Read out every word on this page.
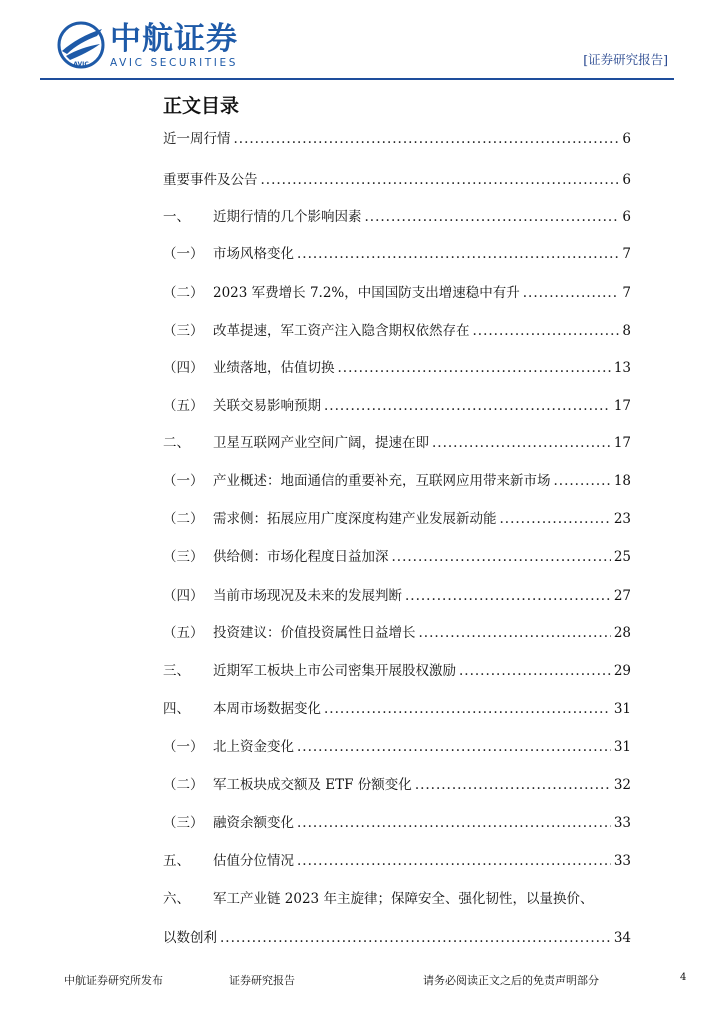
AVIC
中航证券
AVIC SECURITIES	[证券研究报告]
正文目录
近一周行情 .....	6
重要事件及公告 .....	6
一、	近期行情的几个影响因素 .....	6
（一） 市场风格变化 .....	7
（二） 2023 军费增长 7.2%，中国国防支出增速稳中有升 .....	7
（三） 改革提速，军工资产注入隐含期权依然存在 .....	8
（四） 业绩落地，估值切换 .....	13
（五） 关联交易影响预期 .....	17
二、	卫星互联网产业空间广阔，提速在即 .....	17
（一） 产业概述：地面通信的重要补充，互联网应用带来新市场 .....	18
（二） 需求侧：拓展应用广度深度构建产业发展新动能 .....	23
（三） 供给侧：市场化程度日益加深 .....	25
（四） 当前市场现况及未来的发展判断 .....	27
（五） 投资建议：价值投资属性日益增长 .....	28
三、	近期军工板块上市公司密集开展股权激励 .....	29
四、	本周市场数据变化 .....	31
（一） 北上资金变化 .....	31
（二） 军工板块成交额及 ETF 份额变化 .....	32
（三） 融资余额变化 .....	33
五、	估值分位情况 .....	33
六、	军工产业链 2023 年主旋律；保障安全、强化韧性，以量换价、
以数创利 .....	34
中航证券研究所发布	证券研究报告	请务必阅读正文之后的免责声明部分	4
